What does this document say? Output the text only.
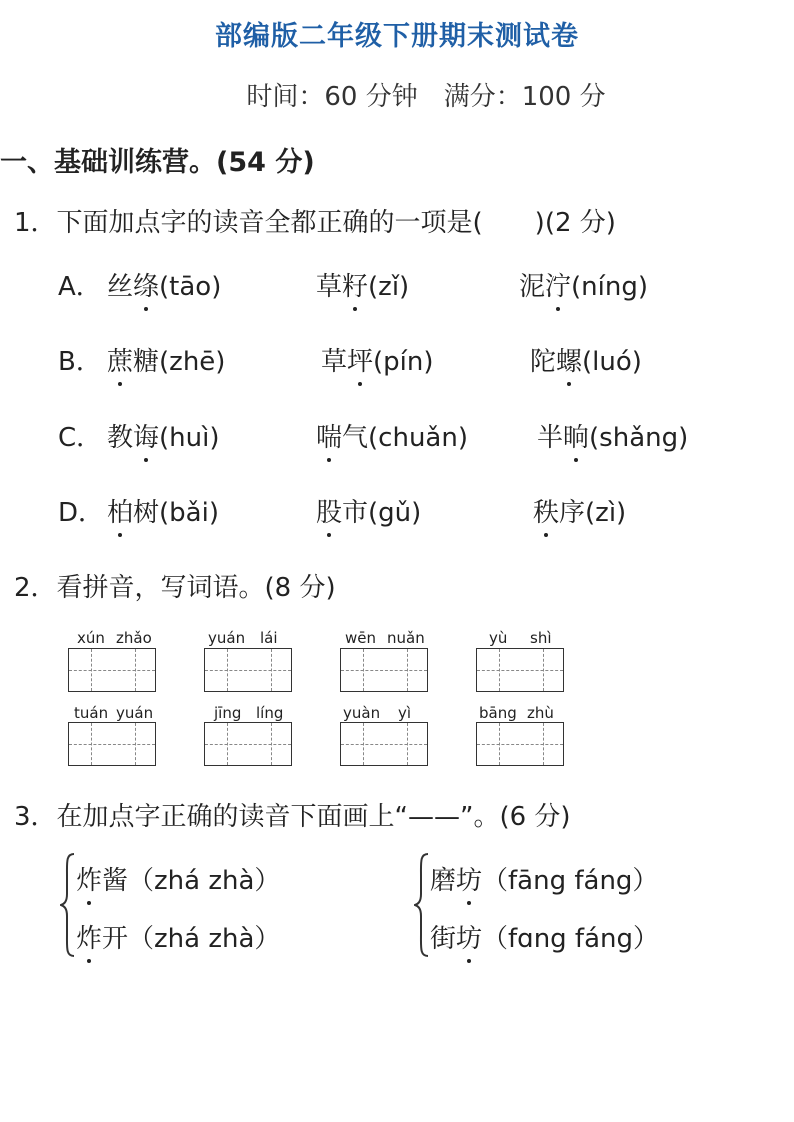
部编版二年级下册期末测试卷
时间：60 分钟 满分：100 分
一、基础训练营。(54 分)
1．下面加点字的读音全都正确的一项是(　　)(2 分)
A． 丝绦(tāo)	草籽(zǐ)	泥泞(níng)
B． 蔗糖(zhē)	草坪(pín)	陀螺(luó)
C． 教诲(huì)	喘气(chuǎn)	半晌(shǎng)
D． 柏树(bǎi)	股市(gǔ)	秩序(zì)
2．看拼音，写词语。(8 分)
xún zhǎo	yuán lái	wēn nuǎn	yù shì
tuán yuán	jīng líng	yuàn yì	bāng zhù
3．在加点字正确的读音下面画上“——”。(6 分)
炸酱（zhá zhà）
炸开（zhá zhà）
磨坊（fāng fáng）
街坊（fɑng fáng）
